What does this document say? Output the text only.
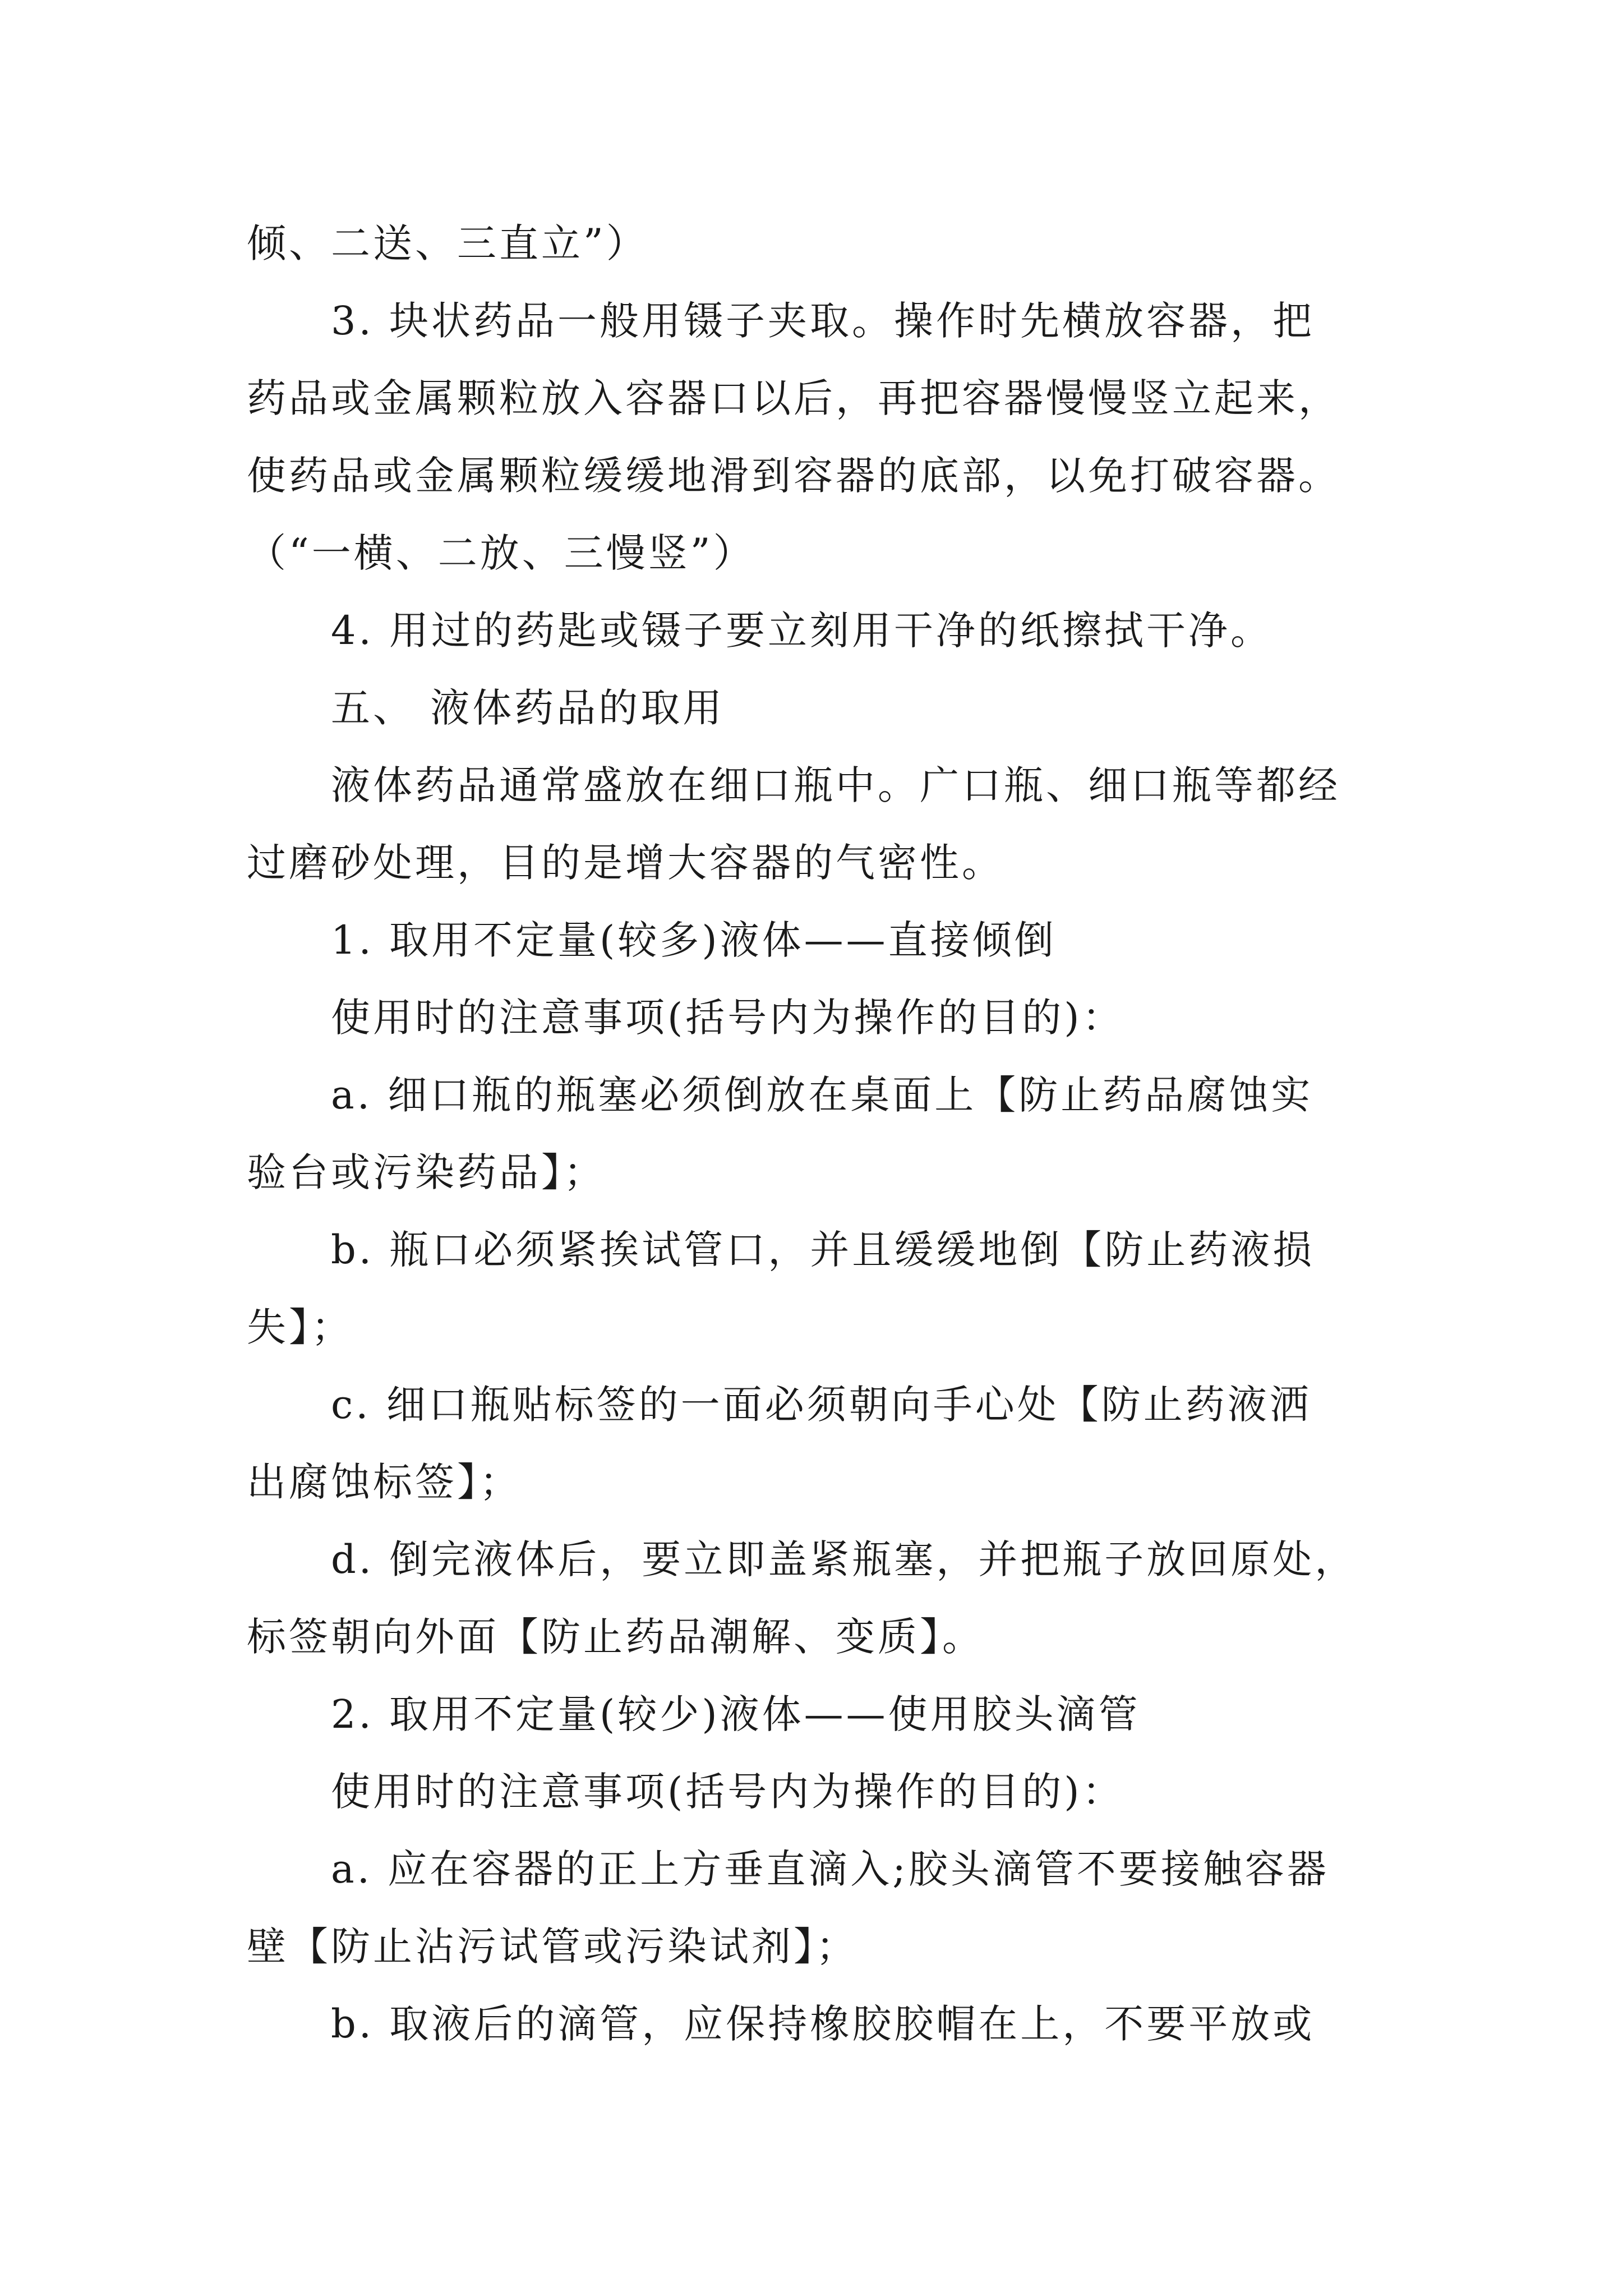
倾、二送、三直立”）
3. 块状药品一般用镊子夹取。操作时先横放容器，把
药品或金属颗粒放入容器口以后，再把容器慢慢竖立起来，
使药品或金属颗粒缓缓地滑到容器的底部，以免打破容器。
（“一横、二放、三慢竖”）
4. 用过的药匙或镊子要立刻用干净的纸擦拭干净。
五、 液体药品的取用
液体药品通常盛放在细口瓶中。广口瓶、细口瓶等都经
过磨砂处理，目的是增大容器的气密性。
1. 取用不定量(较多)液体——直接倾倒
使用时的注意事项(括号内为操作的目的)：
a. 细口瓶的瓶塞必须倒放在桌面上【防止药品腐蚀实
验台或污染药品】；
b. 瓶口必须紧挨试管口，并且缓缓地倒【防止药液损
失】；
c. 细口瓶贴标签的一面必须朝向手心处【防止药液洒
出腐蚀标签】；
d. 倒完液体后，要立即盖紧瓶塞，并把瓶子放回原处，
标签朝向外面【防止药品潮解、变质】。
2. 取用不定量(较少)液体——使用胶头滴管
使用时的注意事项(括号内为操作的目的)：
a. 应在容器的正上方垂直滴入;胶头滴管不要接触容器
壁【防止沾污试管或污染试剂】；
b. 取液后的滴管，应保持橡胶胶帽在上，不要平放或
